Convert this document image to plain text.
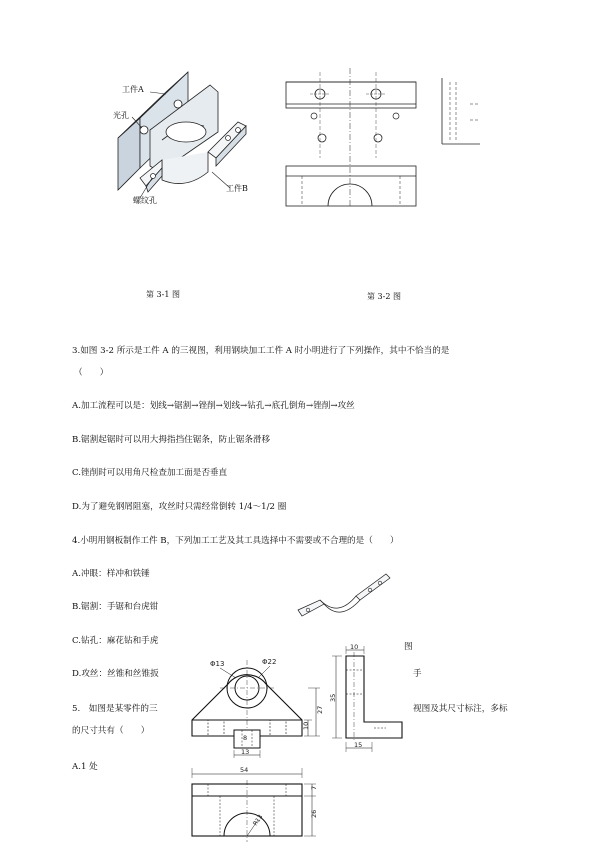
工件A
光孔
工件B
螺纹孔
第 3-1 图	第 3-2 图
3.如图 3-2 所示是工件 A 的三视图，利用钢块加工工件 A 时小明进行了下列操作，其中不恰当的是
（　　）
A.加工流程可以是：划线→锯割→锉削→划线→钻孔→底孔倒角→锉削→攻丝
B.锯割起锯时可以用大拇指挡住锯条，防止锯条滑移
C.锉削时可以用角尺检查加工面是否垂直
D.为了避免钢屑阻塞，攻丝时只需经常倒转 1/4～1/2 圈
4.小明用钢板制作工件 B，下列加工工艺及其工具选择中不需要或不合理的是（　　）
A.冲眼：样冲和铁锤
B.锯割：手锯和台虎钳
C.钻孔：麻花钻和手虎
D.攻丝：丝锥和丝锥扳
图
手
5.　如图是某零件的三	视图及其尺寸标注，多标
的尺寸共有（　　）
A.1 处
Φ13	Φ22
27
10
8
13
10
35
15
54
7
26
R13
